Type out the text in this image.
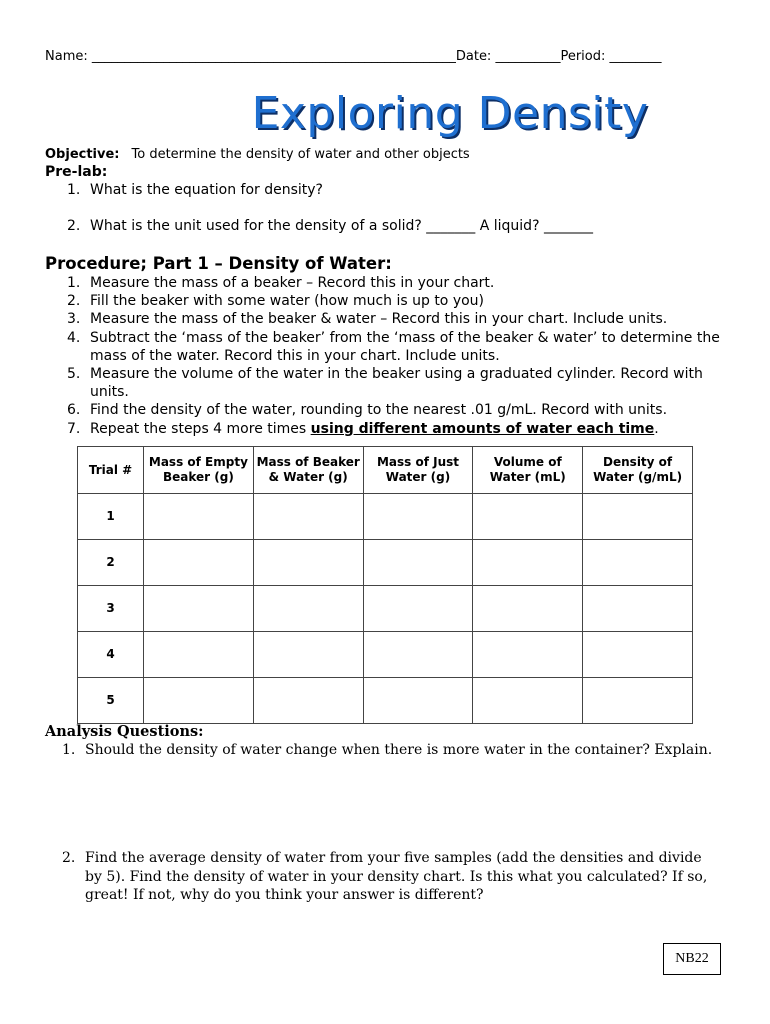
Name: ________________________________________________________Date: __________Period: ________
Exploring Density
Objective: To determine the density of water and other objects
Pre-lab:
1. What is the equation for density?
2. What is the unit used for the density of a solid? _______ A liquid? _______
Procedure; Part 1 – Density of Water:
1. Measure the mass of a beaker – Record this in your chart.
2. Fill the beaker with some water (how much is up to you)
3. Measure the mass of the beaker & water – Record this in your chart. Include units.
4. Subtract the ‘mass of the beaker’ from the ‘mass of the beaker & water’ to determine the mass of the water. Record this in your chart. Include units.
5. Measure the volume of the water in the beaker using a graduated cylinder. Record with units.
6. Find the density of the water, rounding to the nearest .01 g/mL. Record with units.
7. Repeat the steps 4 more times using different amounts of water each time.
Trial #	Mass of Empty Beaker (g)	Mass of Beaker & Water (g)	Mass of Just Water (g)	Volume of Water (mL)	Density of Water (g/mL)
1					
2					
3					
4					
5					
Analysis Questions:
1. Should the density of water change when there is more water in the container? Explain.
2. Find the average density of water from your five samples (add the densities and divide by 5). Find the density of water in your density chart. Is this what you calculated? If so, great! If not, why do you think your answer is different?
NB22
